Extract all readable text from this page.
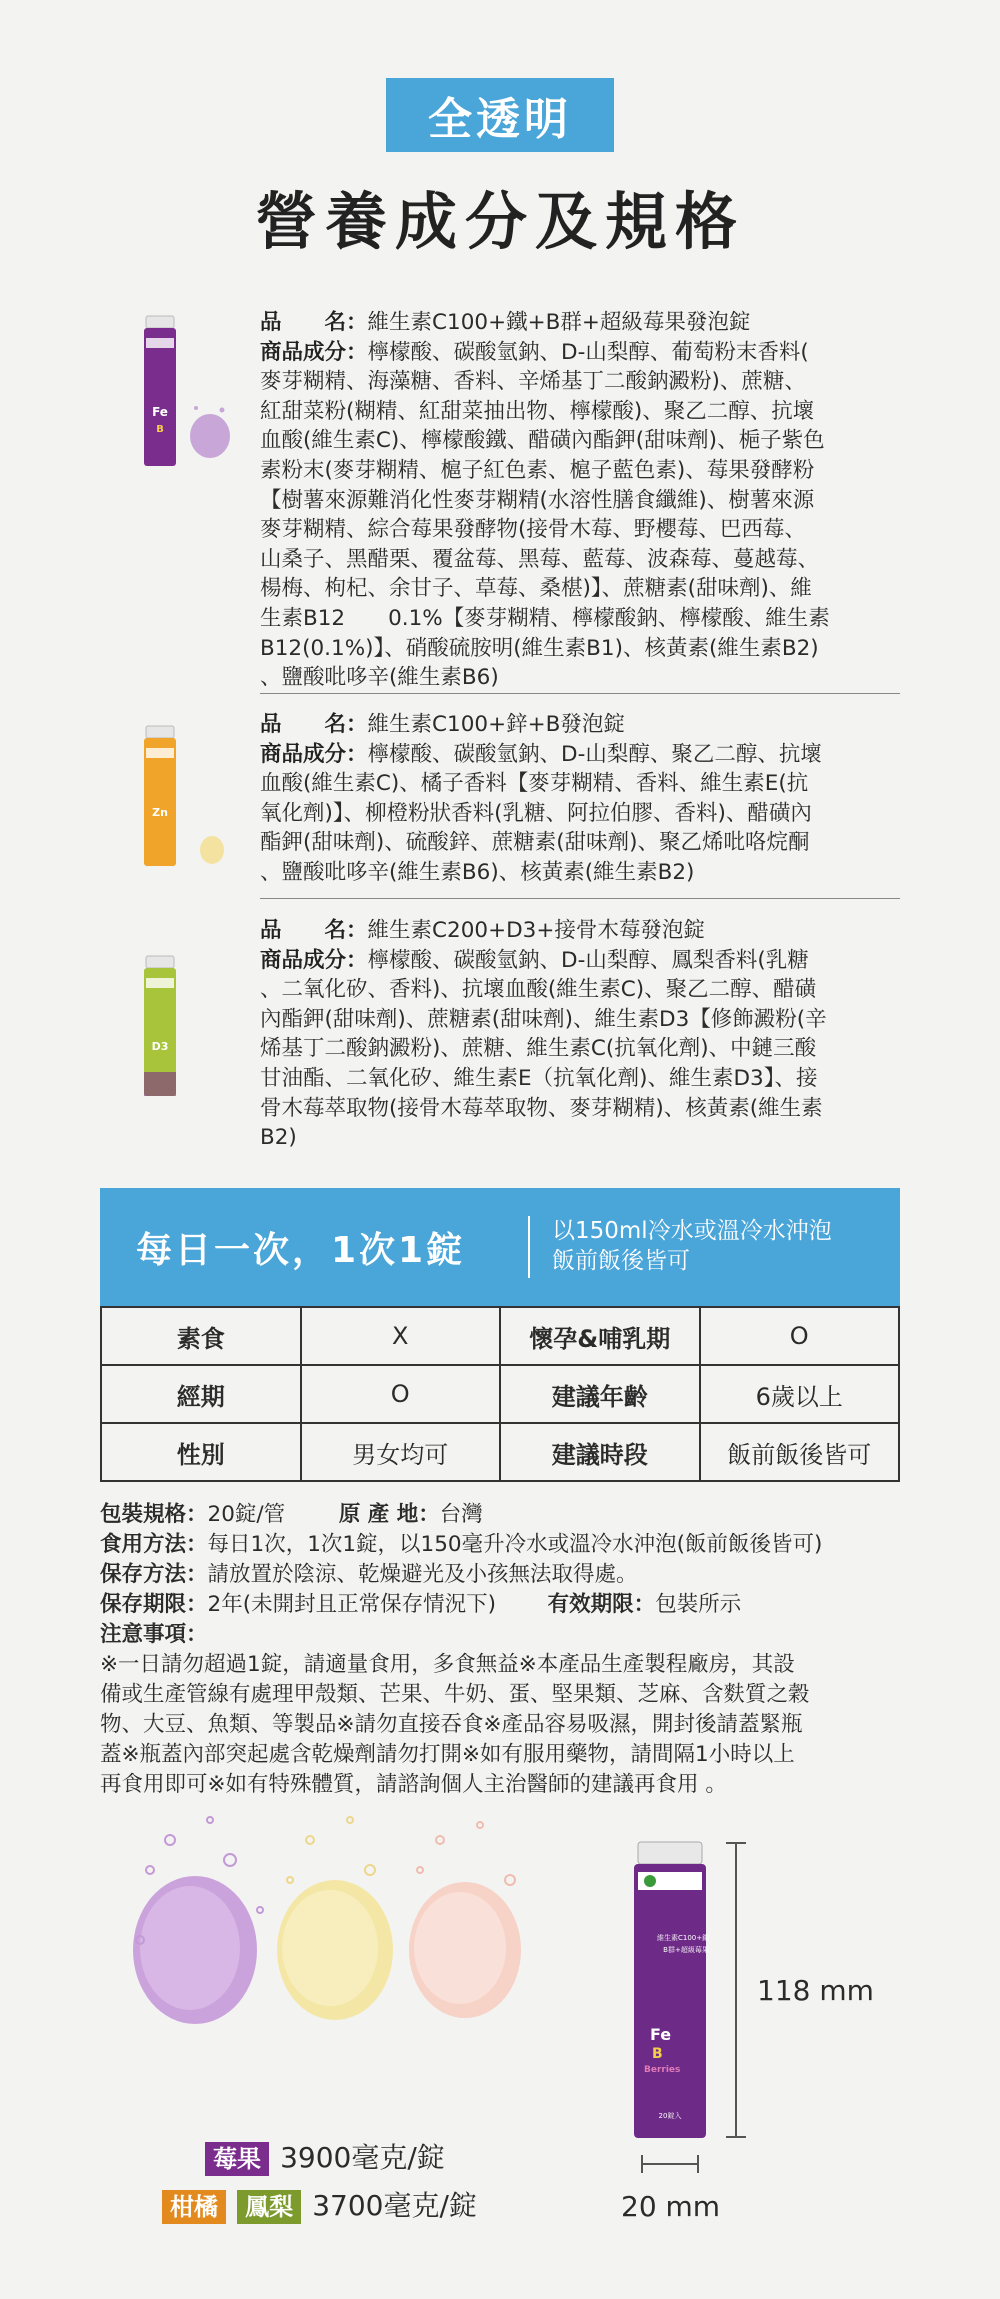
全透明
營養成分及規格
Fe
B
品　　名：維生素C100+鐵+B群+超級莓果發泡錠
商品成分：檸檬酸、碳酸氫鈉、D-山梨醇、葡萄粉末香料(
麥芽糊精、海藻糖、香料、辛烯基丁二酸鈉澱粉)、蔗糖、
紅甜菜粉(糊精、紅甜菜抽出物、檸檬酸)、聚乙二醇、抗壞
血酸(維生素C)、檸檬酸鐵、醋磺內酯鉀(甜味劑)、梔子紫色
素粉末(麥芽糊精、槴子紅色素、槴子藍色素)、莓果發酵粉
【樹薯來源難消化性麥芽糊精(水溶性膳食纖維)、樹薯來源
麥芽糊精、綜合莓果發酵物(接骨木莓、野櫻莓、巴西莓、
山桑子、黑醋栗、覆盆莓、黑莓、藍莓、波森莓、蔓越莓、
楊梅、枸杞、余甘子、草莓、桑椹)】、蔗糖素(甜味劑)、維
生素B12　　0.1%【麥芽糊精、檸檬酸鈉、檸檬酸、維生素
B12(0.1%)】、硝酸硫胺明(維生素B1)、核黃素(維生素B2)
、鹽酸吡哆辛(維生素B6)
Zn
品　　名：維生素C100+鋅+B發泡錠
商品成分：檸檬酸、碳酸氫鈉、D-山梨醇、聚乙二醇、抗壞
血酸(維生素C)、橘子香料【麥芽糊精、香料、維生素E(抗
氧化劑)】、柳橙粉狀香料(乳糖、阿拉伯膠、香料)、醋磺內
酯鉀(甜味劑)、硫酸鋅、蔗糖素(甜味劑)、聚乙烯吡咯烷酮
、鹽酸吡哆辛(維生素B6)、核黃素(維生素B2)
D3
品　　名：維生素C200+D3+接骨木莓發泡錠
商品成分：檸檬酸、碳酸氫鈉、D-山梨醇、鳳梨香料(乳糖
、二氧化矽、香料)、抗壞血酸(維生素C)、聚乙二醇、醋磺
內酯鉀(甜味劑)、蔗糖素(甜味劑)、維生素D3【修飾澱粉(辛
烯基丁二酸鈉澱粉)、蔗糖、維生素C(抗氧化劑)、中鏈三酸
甘油酯、二氧化矽、維生素E（抗氧化劑)、維生素D3】、接
骨木莓萃取物(接骨木莓萃取物、麥芽糊精)、核黃素(維生素
B2)
每日一次，1次1錠	以150ml冷水或溫冷水沖泡
飯前飯後皆可
素食	X	懷孕&哺乳期	O
經期	O	建議年齡	6歲以上
性別	男女均可	建議時段	飯前飯後皆可
包裝規格：20錠/管 原 產 地：台灣
食用方法：每日1次，1次1錠，以150毫升冷水或溫冷水沖泡(飯前飯後皆可)
保存方法：請放置於陰涼、乾燥避光及小孩無法取得處。
保存期限：2年(未開封且正常保存情況下) 有效期限：包裝所示
注意事項：
※一日請勿超過1錠，請適量食用，多食無益※本產品生產製程廠房，其設
備或生產管線有處理甲殼類、芒果、牛奶、蛋、堅果類、芝麻、含麩質之穀
物、大豆、魚類、等製品※請勿直接吞食※產品容易吸濕，開封後請蓋緊瓶
蓋※瓶蓋內部突起處含乾燥劑請勿打開※如有服用藥物，請間隔1小時以上
再食用即可※如有特殊體質，請諮詢個人主治醫師的建議再食用 。
莓果 3900毫克/錠
柑橘 鳳梨 3700毫克/錠
維生素C100+鐵+
B群+超級莓果
Fe
B
Berries
20錠入
118 mm
20 mm
